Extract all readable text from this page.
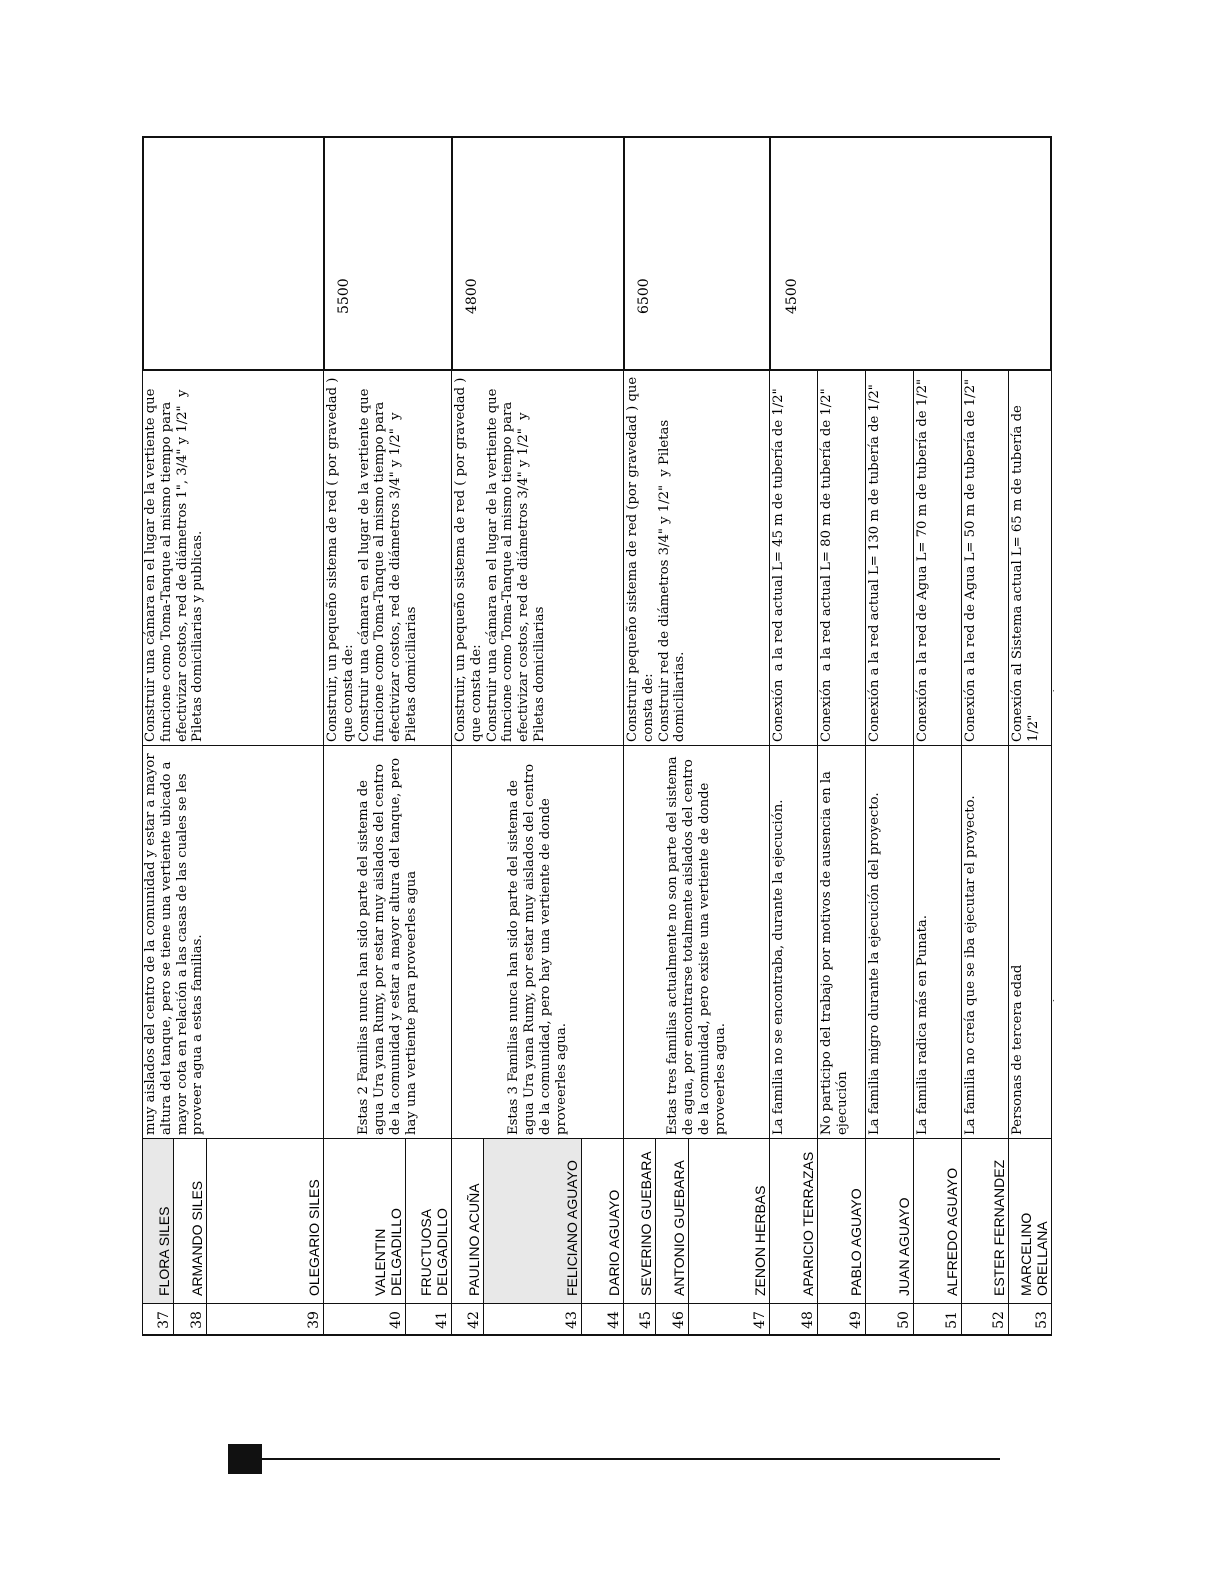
37
FLORA SILES
38
ARMANDO SILES
39
OLEGARIO SILES
40
VALENTIN DELGADILLO
41
FRUCTUOSA DELGADILLO
42
PAULINO ACUÑA
43
FELICIANO AGUAYO
44
DARIO AGUAYO
45
SEVERINO GUEBARA
46
ANTONIO GUEBARA
47
ZENON HERBAS
48
APARICIO TERRAZAS
49
PABLO AGUAYO
50
JUAN AGUAYO
51
ALFREDO AGUAYO
52
ESTER FERNANDEZ
53
MARCELINO ORELLANA
muy aislados del centro de la comunidad y estar a mayor altura del tanque, pero se tiene una vertiente ubicado a mayor cota en relación a las casas de las cuales se les proveer agua a estas familias.
Construir una cámara en el lugar de la vertiente que funcione como Toma-Tanque al mismo tiempo para efectivizar costos, red de diámetros 1", 3/4" y 1/2"  y Piletas domiciliarias y publicas.
Estas 2 Familias nunca han sido parte del sistema de agua Ura yana Rumy, por estar muy aislados del centro de la comunidad y estar a mayor altura del tanque, pero hay una vertiente para proveerles agua
Construir, un pequeño sistema de red ( por gravedad ) que consta de:
Construir una cámara en el lugar de la vertiente que funcione como Toma-Tanque al mismo tiempo para efectivizar costos, red de diámetros 3/4" y 1/2"  y Piletas domiciliarias
5500
Estas 3 Familias nunca han sido parte del sistema de agua Ura yana Rumy, por estar muy aislados del centro de la comunidad, pero hay una vertiente de donde proveerles agua.
Construir, un pequeño sistema de red ( por gravedad ) que consta de:
Construir una cámara en el lugar de la vertiente que funcione como Toma-Tanque al mismo tiempo para efectivizar costos, red de diámetros 3/4" y 1/2"  y Piletas domiciliarias
4800
Estas tres familias actualmente no son parte del sistema de agua, por encontrarse totalmente aislados del centro de la comunidad, pero existe una vertiente de donde proveerles agua.
Construir pequeño sistema de red (por gravedad ) que consta de:
Construir red de diámetros 3/4" y 1/2"  y Piletas domiciliarias.
6500
La familia no se encontraba, durante la ejecución.
Conexión  a la red actual L= 45 m de tubería de 1/2"
No participo del trabajo por motivos de ausencia en la ejecución
Conexión  a la red actual L= 80 m de tubería de 1/2"
La familia migro durante la ejecución del proyecto.
Conexión a la red actual L= 130 m de tubería de 1/2"
La familia radica más en Punata.
Conexión a la red de Agua L= 70 m de tubería de 1/2"
La familia no creía que se iba ejecutar el proyecto.
Conexión a la red de Agua L= 50 m de tubería de 1/2"
Personas de tercera edad
Conexión al Sistema actual L= 65 m de tubería de 1/2"
4500
